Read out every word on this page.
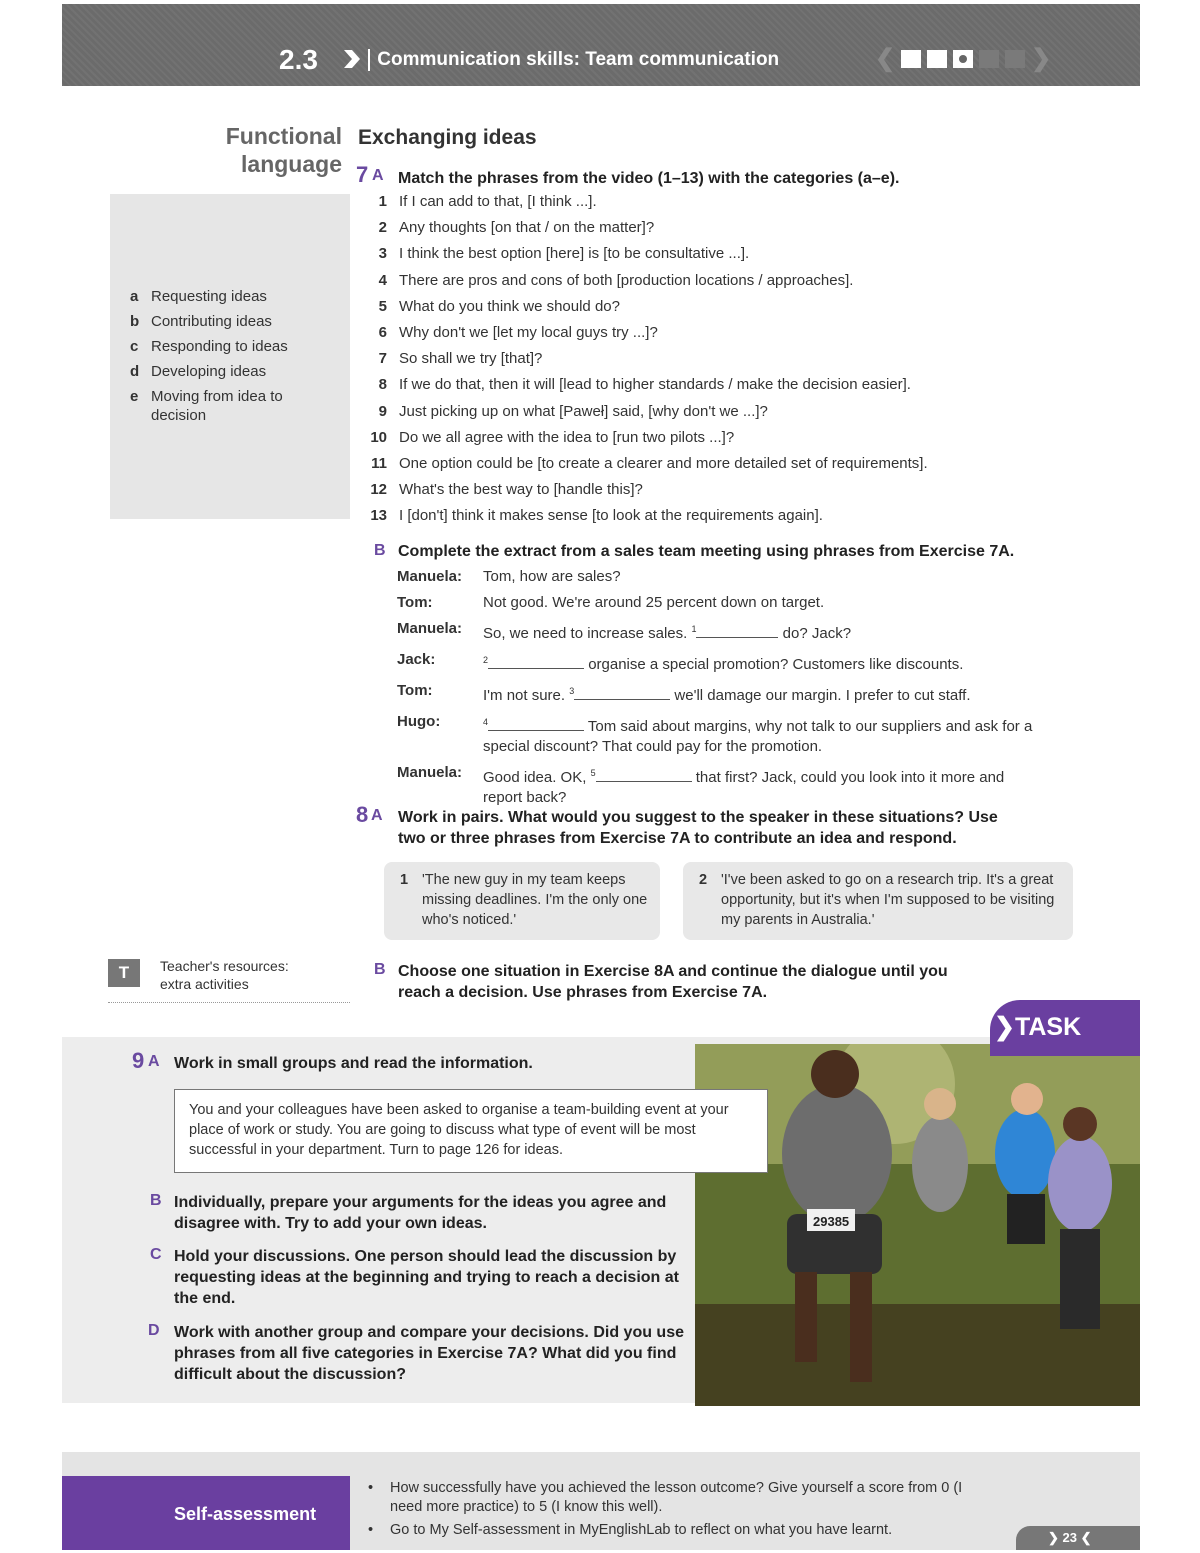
2.3	Communication skills: Team communication	❮	❯
Functional
language
a Requesting ideas
b Contributing ideas
c Responding to ideas
d Developing ideas
e Moving from idea to decision
Exchanging ideas
7 A Match the phrases from the video (1–13) with the categories (a–e).
1 If I can add to that, [I think ...].
2 Any thoughts [on that / on the matter]?
3 I think the best option [here] is [to be consultative ...].
4 There are pros and cons of both [production locations / approaches].
5 What do you think we should do?
6 Why don't we [let my local guys try ...]?
7 So shall we try [that]?
8 If we do that, then it will [lead to higher standards / make the decision easier].
9 Just picking up on what [Paweł] said, [why don't we ...]?
10 Do we all agree with the idea to [run two pilots ...]?
11 One option could be [to create a clearer and more detailed set of requirements].
12 What's the best way to [handle this]?
13 I [don't] think it makes sense [to look at the requirements again].
B Complete the extract from a sales team meeting using phrases from Exercise 7A.
Manuela:	Tom, how are sales?
Tom:	Not good. We're around 25 percent down on target.
Manuela:	So, we need to increase sales. $^1$	do? Jack?
Jack:	$^2$	organise a special promotion? Customers like discounts.
Tom:	I'm not sure. $^3$	we'll damage our margin. I prefer to cut staff.
Hugo:	$^4$	Tom said about margins, why not talk to our suppliers and ask for a special discount? That could pay for the promotion.
Manuela:	Good idea. OK, $^5$	that first? Jack, could you look into it more and report back?
8 A Work in pairs. What would you suggest to the speaker in these situations? Use two or three phrases from Exercise 7A to contribute an idea and respond.
1 'The new guy in my team keeps missing deadlines. I'm the only one who's noticed.'
2 'I've been asked to go on a research trip. It's a great opportunity, but it's when I'm supposed to be visiting my parents in Australia.'
T	Teacher's resources:
extra activities
B Choose one situation in Exercise 8A and continue the dialogue until you reach a decision. Use phrases from Exercise 7A.
29385
❯TASK
9 A Work in small groups and read the information.
You and your colleagues have been asked to organise a team-building event at your place of work or study. You are going to discuss what type of event will be most successful in your department. Turn to page 126 for ideas.
B Individually, prepare your arguments for the ideas you agree and disagree with. Try to add your own ideas.
C Hold your discussions. One person should lead the discussion by requesting ideas at the beginning and trying to reach a decision at the end.
D Work with another group and compare your decisions. Did you use phrases from all five categories in Exercise 7A? What did you find difficult about the discussion?
Self-assessment
•	How successfully have you achieved the lesson outcome? Give yourself a score from 0 (I need more practice) to 5 (I know this well).
•	Go to My Self-assessment in MyEnglishLab to reflect on what you have learnt.	❯ 23 ❮
